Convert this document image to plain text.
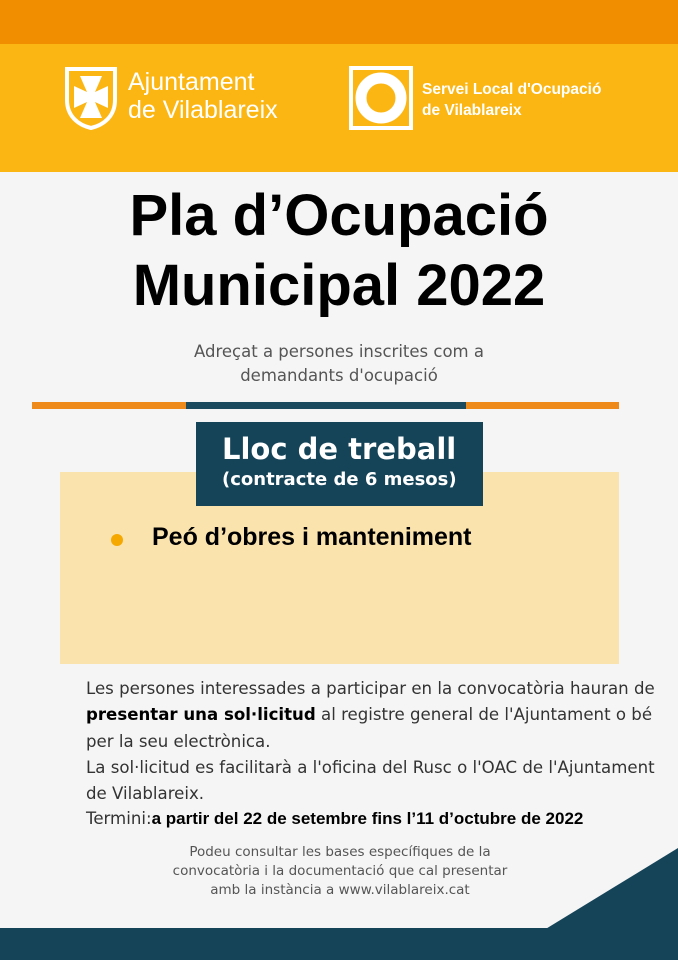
Ajuntament
de Vilablareix
Servei Local d'Ocupació
de Vilablareix
Pla d’Ocupació
Municipal 2022
Adreçat a persones inscrites com a
demandants d'ocupació
Lloc de treball
(contracte de 6 mesos)
Peó d’obres i manteniment
Les persones interessades a participar en la convocatòria hauran de presentar una sol·licitud al registre general de l'Ajuntament o bé per la seu electrònica.
La sol·licitud es facilitarà a l'oficina del Rusc o l'OAC de l'Ajuntament de Vilablareix.
Termini:a partir del 22 de setembre fins l’11 d’octubre de 2022
Podeu consultar les bases específiques de la
convocatòria i la documentació que cal presentar
amb la instància a www.vilablareix.cat
